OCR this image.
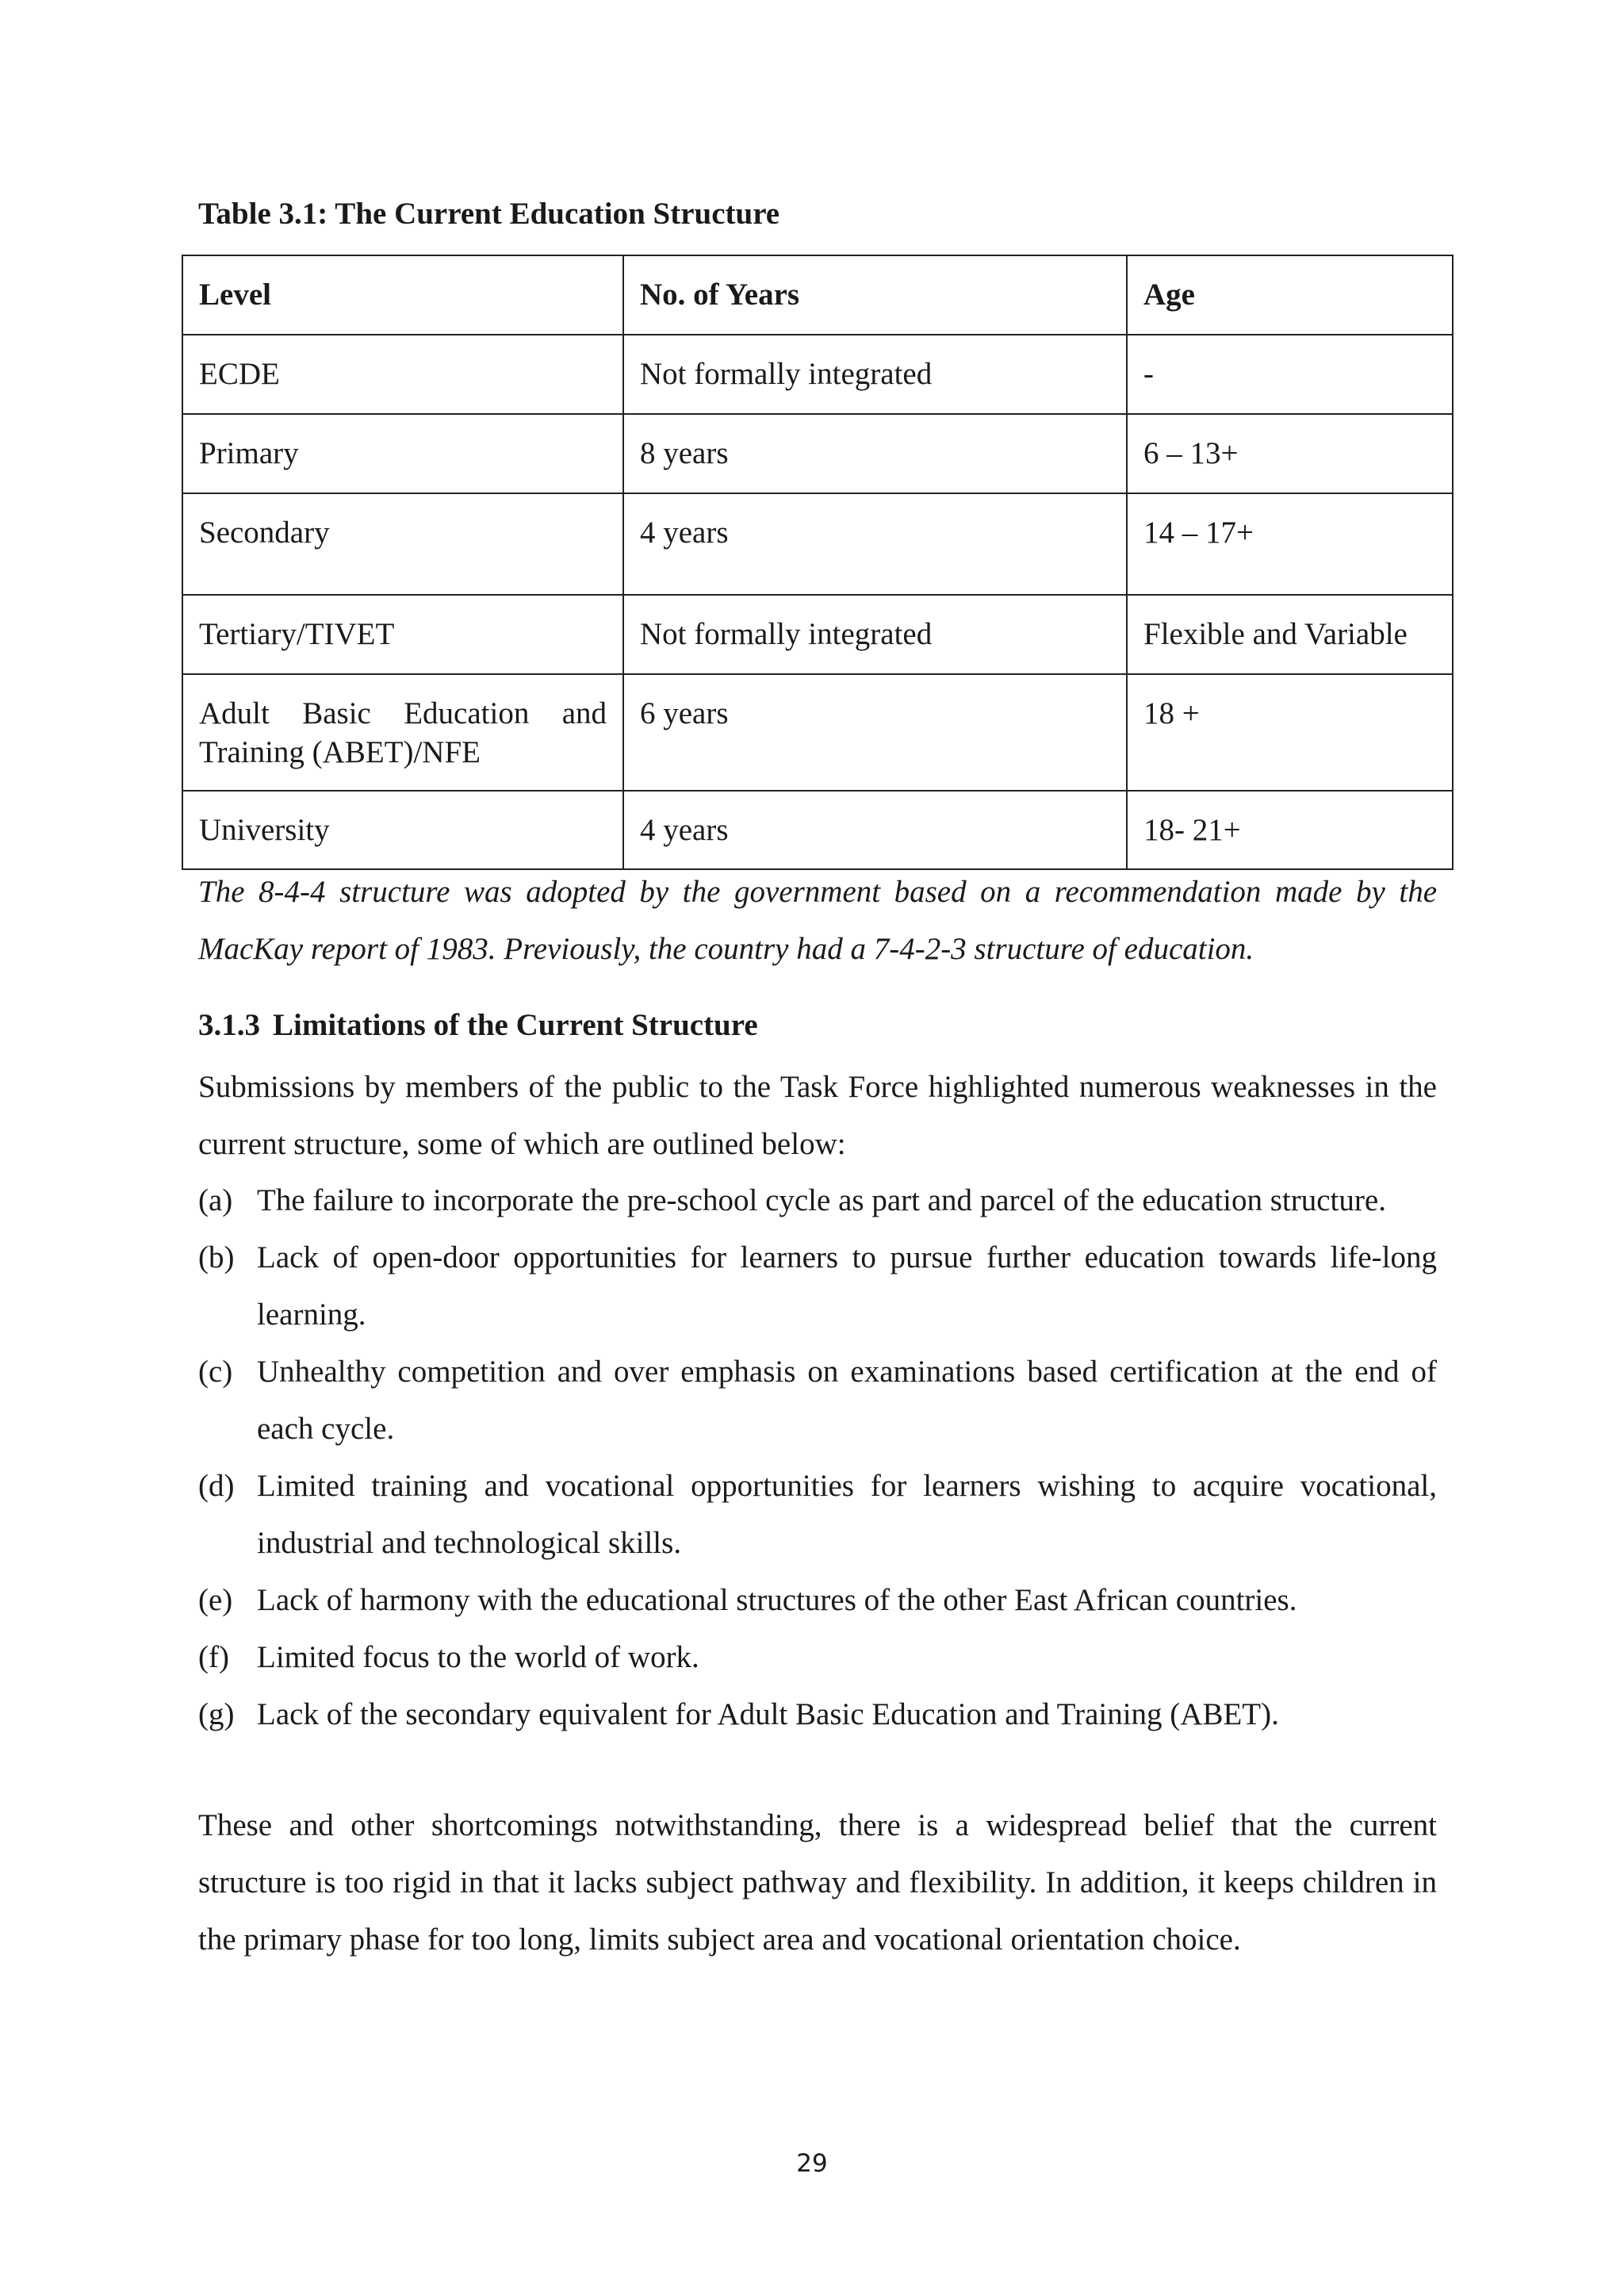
Table 3.1: The Current Education Structure

Level	No. of Years	Age
ECDE	Not formally integrated	-
Primary	8 years	6 – 13+
Secondary	4 years	14 – 17+
Tertiary/TIVET	Not formally integrated	Flexible and Variable
Adult Basic Education and Training (ABET)/NFE	6 years	18 +
University	4 years	18- 21+

The 8-4-4 structure was adopted by the government based on a recommendation made by the MacKay report of 1983. Previously, the country had a 7-4-2-3 structure of education.

3.1.3 Limitations of the Current Structure

Submissions by members of the public to the Task Force highlighted numerous weaknesses in the current structure, some of which are outlined below:

(a) The failure to incorporate the pre-school cycle as part and parcel of the education structure.
(b) Lack of open-door opportunities for learners to pursue further education towards life-long learning.
(c) Unhealthy competition and over emphasis on examinations based certification at the end of each cycle.
(d) Limited training and vocational opportunities for learners wishing to acquire vocational, industrial and technological skills.
(e) Lack of harmony with the educational structures of the other East African countries.
(f) Limited focus to the world of work.
(g) Lack of the secondary equivalent for Adult Basic Education and Training (ABET).

These and other shortcomings notwithstanding, there is a widespread belief that the current structure is too rigid in that it lacks subject pathway and flexibility. In addition, it keeps children in the primary phase for too long, limits subject area and vocational orientation choice.

29
